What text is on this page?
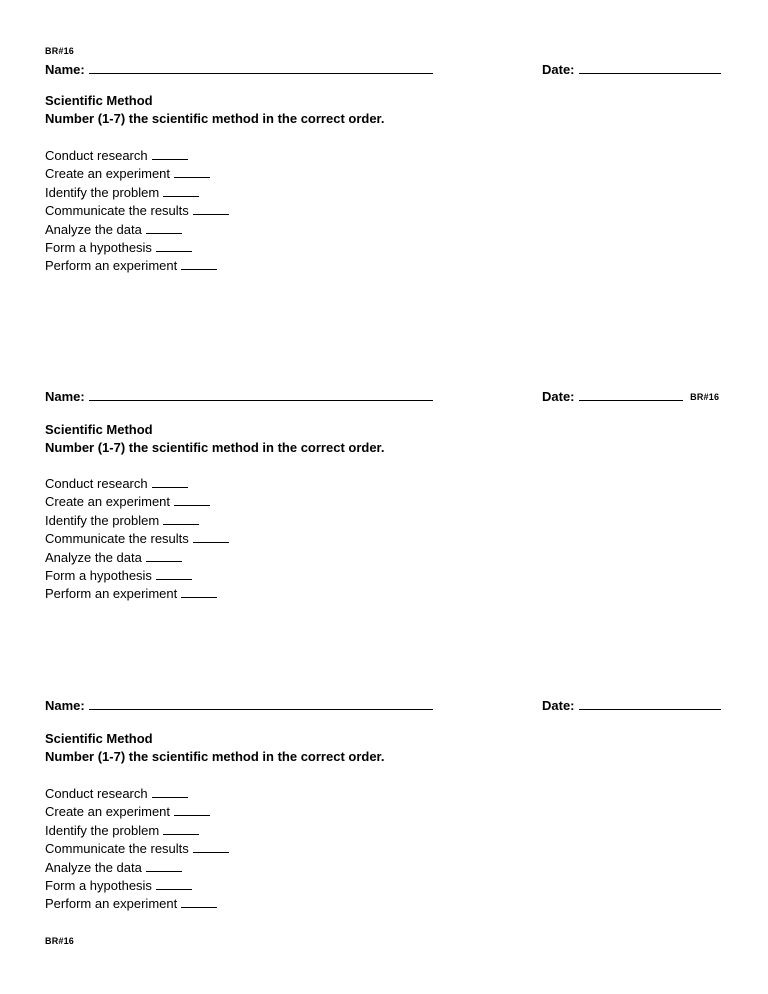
BR#16
Name:	Date:
Scientific Method
Number (1-7) the scientific method in the correct order.
Conduct research
Create an experiment
Identify the problem
Communicate the results
Analyze the data
Form a hypothesis
Perform an experiment
Name:	Date:	BR#16
Scientific Method
Number (1-7) the scientific method in the correct order.
Conduct research
Create an experiment
Identify the problem
Communicate the results
Analyze the data
Form a hypothesis
Perform an experiment
Name:	Date:
Scientific Method
Number (1-7) the scientific method in the correct order.
Conduct research
Create an experiment
Identify the problem
Communicate the results
Analyze the data
Form a hypothesis
Perform an experiment
BR#16
